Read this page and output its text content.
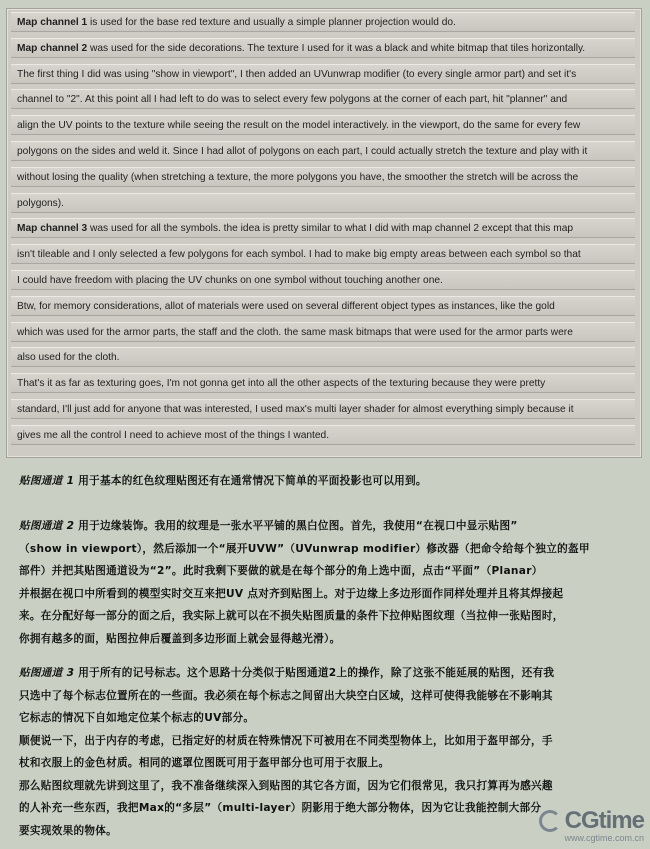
Map channel 1 is used for the base red texture and usually a simple planner projection would do.
Map channel 2 was used for the side decorations. The texture I used for it was a black and white bitmap that tiles horizontally.
The first thing I did was using "show in viewport", I then added an UVunwrap modifier (to every single armor part) and set it's
channel to "2". At this point all I had left to do was to select every few polygons at the corner of each part, hit "planner" and
align the UV points to the texture while seeing the result on the model interactively. in the viewport, do the same for every few
polygons on the sides and weld it. Since I had allot of polygons on each part, I could actually stretch the texture and play with it
without losing the quality (when stretching a texture, the more polygons you have, the smoother the stretch will be across the
polygons).
Map channel 3 was used for all the symbols. the idea is pretty similar to what I did with map channel 2 except that this map
isn't tileable and I only selected a few polygons for each symbol. I had to make big empty areas between each symbol so that
I could have freedom with placing the UV chunks on one symbol without touching another one.
Btw, for memory considerations, allot of materials were used on several different object types as instances, like the gold
which was used for the armor parts, the staff and the cloth. the same mask bitmaps that were used for the armor parts were
also used for the cloth.
That's it as far as texturing goes, I'm not gonna get into all the other aspects of the texturing because they were pretty
standard, I'll just add for anyone that was interested, I used max's multi layer shader for almost everything simply because it
gives me all the control I need to achieve most of the things I wanted.

贴图通道 1 用于基本的红色纹理贴图还有在通常情况下简单的平面投影也可以用到。

贴图通道 2 用于边缘装饰。我用的纹理是一张水平平铺的黑白位图。首先，我使用“在视口中显示贴图”

（show in viewport），然后添加一个“展开UVW”（UVunwrap modifier）修改器（把命令给每个独立的盔甲

部件）并把其贴图通道设为“2”。此时我剩下要做的就是在每个部分的角上选中面，点击“平面”（Planar）

并根据在视口中所看到的模型实时交互来把UV 点对齐到贴图上。对于边缘上多边形面作同样处理并且将其焊接起

来。在分配好每一部分的面之后，我实际上就可以在不损失贴图质量的条件下拉伸贴图纹理（当拉伸一张贴图时，

你拥有越多的面，贴图拉伸后覆盖到多边形面上就会显得越光滑）。

贴图通道 3 用于所有的记号标志。这个思路十分类似于贴图通道2上的操作，除了这张不能延展的贴图，还有我

只选中了每个标志位置所在的一些面。我必须在每个标志之间留出大块空白区域，这样可使得我能够在不影响其

它标志的情况下自如地定位某个标志的UV部分。

顺便说一下，出于内存的考虑，已指定好的材质在特殊情况下可被用在不同类型物体上，比如用于盔甲部分，手

杖和衣服上的金色材质。相同的遮罩位图既可用于盔甲部分也可用于衣服上。

那么贴图纹理就先讲到这里了，我不准备继续深入到贴图的其它各方面，因为它们很常见，我只打算再为感兴趣

的人补充一些东西，我把Max的“多层”（multi-layer）阴影用于绝大部分物体，因为它让我能控制大部分

要实现效果的物体。	CGtime
www.cgtime.com.cn
